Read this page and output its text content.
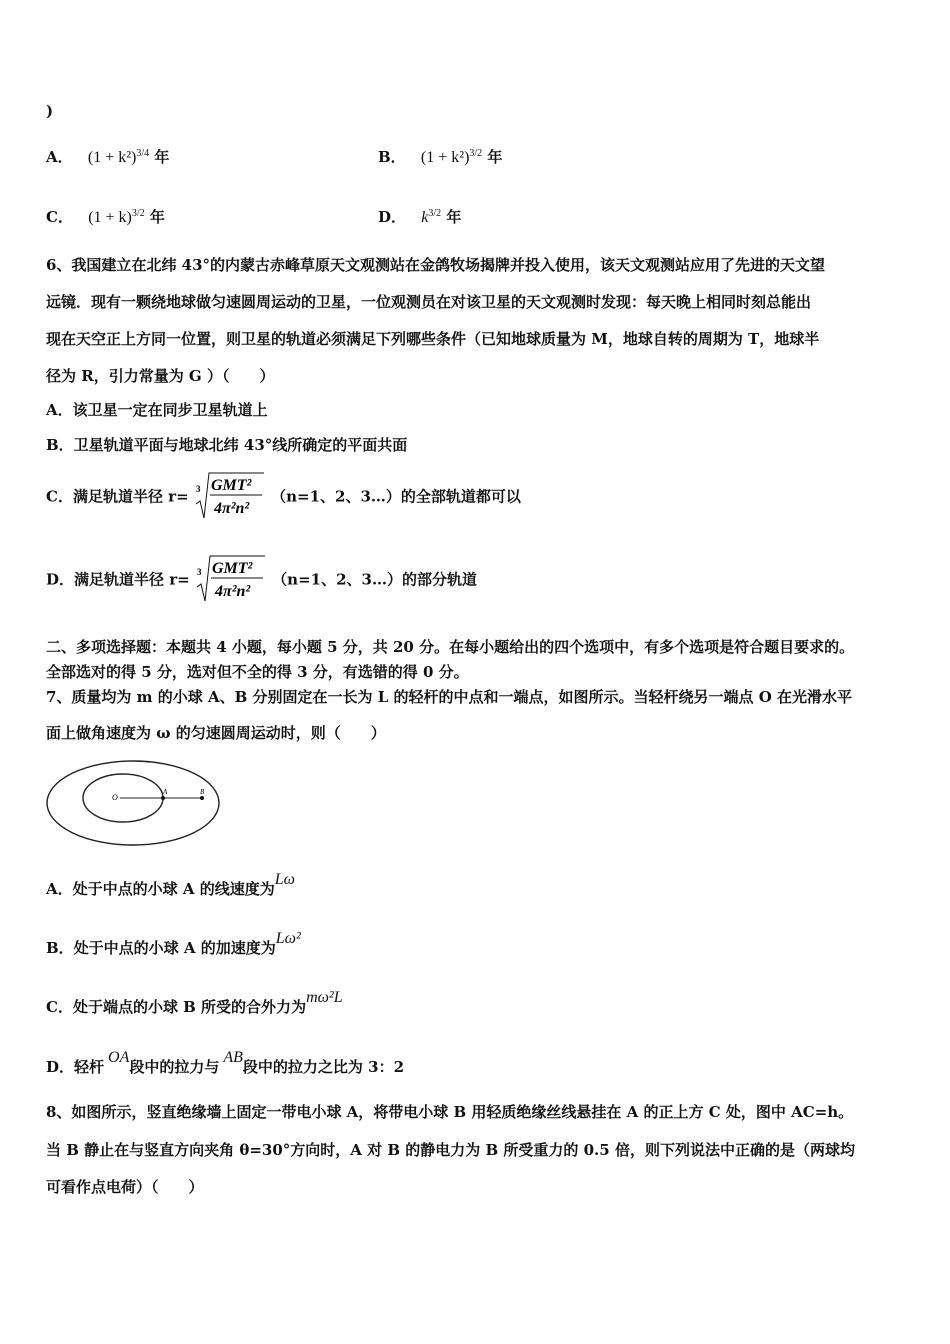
)
A． $(1 + k^2)^{3/4}$ 年	B． $(1 + k^2)^{3/2}$ 年
C． $(1 + k)^{3/2}$ 年	D． $k^{3/2}$ 年
6、我国建立在北纬 43°的内蒙古赤峰草原天文观测站在金鸽牧场揭牌并投入使用，该天文观测站应用了先进的天文望
远镜．现有一颗绕地球做匀速圆周运动的卫星，一位观测员在对该卫星的天文观测时发现：每天晚上相同时刻总能出
现在天空正上方同一位置，则卫星的轨道必须满足下列哪些条件（已知地球质量为 M，地球自转的周期为 T，地球半
径为 R，引力常量为 G ）（　　）
A．该卫星一定在同步卫星轨道上
B．卫星轨道平面与地球北纬 43°线所确定的平面共面
C．满足轨道半径 r= 3 GMT²
4π²n²
（n=1、2、3…）的全部轨道都可以
D．满足轨道半径 r= 3 GMT²
4π²n²
（n=1、2、3…）的部分轨道
二、多项选择题：本题共 4 小题，每小题 5 分，共 20 分。在每小题给出的四个选项中，有多个选项是符合题目要求的。
全部选对的得 5 分，选对但不全的得 3 分，有选错的得 0 分。
7、质量均为 m 的小球 A、B 分别固定在一长为 L 的轻杆的中点和一端点，如图所示。当轻杆绕另一端点 O 在光滑水平
面上做角速度为 ω 的匀速圆周运动时，则（　　）
O
A	B
A．处于中点的小球 A 的线速度为Lω
B．处于中点的小球 A 的加速度为Lω²
C．处于端点的小球 B 所受的合外力为mω²L
D．轻杆OA段中的拉力与AB段中的拉力之比为 3：2
8、如图所示，竖直绝缘墙上固定一带电小球 A，将带电小球 B 用轻质绝缘丝线悬挂在 A 的正上方 C 处，图中 AC=h。
当 B 静止在与竖直方向夹角 θ=30°方向时，A 对 B 的静电力为 B 所受重力的 0.5 倍，则下列说法中正确的是（两球均
可看作点电荷）（　　）
